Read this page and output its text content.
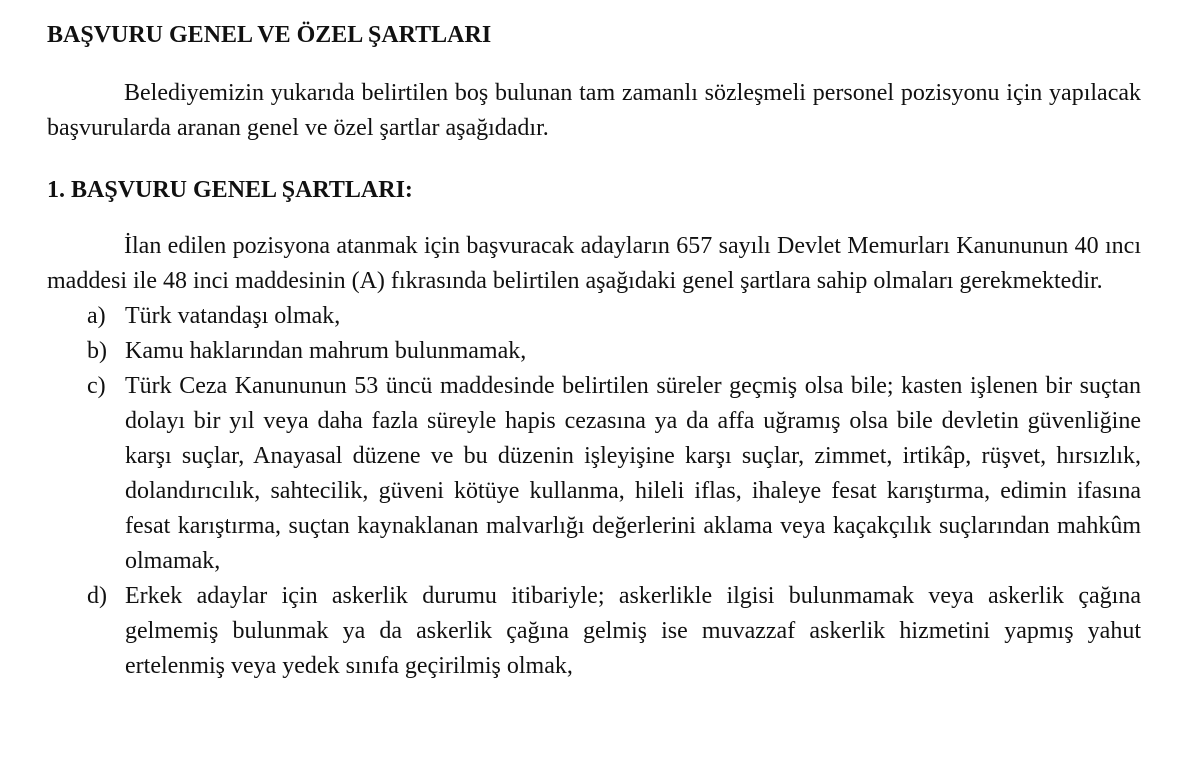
BAŞVURU GENEL VE ÖZEL ŞARTLARI

Belediyemizin yukarıda belirtilen boş bulunan tam zamanlı sözleşmeli personel pozisyonu için yapılacak başvurularda aranan genel ve özel şartlar aşağıdadır.

1. BAŞVURU GENEL ŞARTLARI:

İlan edilen pozisyona atanmak için başvuracak adayların 657 sayılı Devlet Memurları Kanununun 40 ıncı maddesi ile 48 inci maddesinin (A) fıkrasında belirtilen aşağıdaki genel şartlara sahip olmaları gerekmektedir.

a) Türk vatandaşı olmak,
b) Kamu haklarından mahrum bulunmamak,
c) Türk Ceza Kanununun 53 üncü maddesinde belirtilen süreler geçmiş olsa bile; kasten işlenen bir suçtan dolayı bir yıl veya daha fazla süreyle hapis cezasına ya da affa uğramış olsa bile devletin güvenliğine karşı suçlar, Anayasal düzene ve bu düzenin işleyişine karşı suçlar, zimmet, irtikâp, rüşvet, hırsızlık, dolandırıcılık, sahtecilik, güveni kötüye kullanma, hileli iflas, ihaleye fesat karıştırma, edimin ifasına fesat karıştırma, suçtan kaynaklanan malvarlığı değerlerini aklama veya kaçakçılık suçlarından mahkûm olmamak,
d) Erkek adaylar için askerlik durumu itibariyle; askerlikle ilgisi bulunmamak veya askerlik çağına gelmemiş bulunmak ya da askerlik çağına gelmiş ise muvazzaf askerlik hizmetini yapmış yahut ertelenmiş veya yedek sınıfa geçirilmiş olmak,
